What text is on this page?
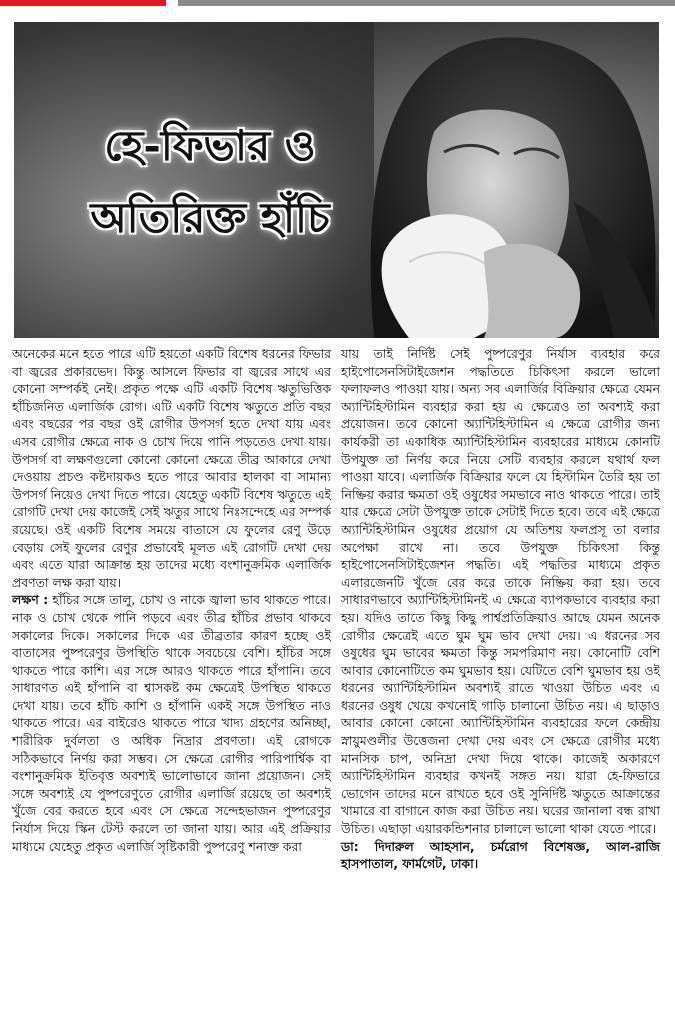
হে-ফিভার ও
অতিরিক্ত হাঁচি

অনেকের মনে হতে পারে এটি হয়তো একটি বিশেষ ধরনের ফিভার বা জ্বরের প্রকারভেদ। কিন্তু আসলে ফিভার বা জ্বরের সাথে এর কোনো সম্পর্কই নেই। প্রকৃত পক্ষে এটি একটি বিশেষ ঋতুভিত্তিক হাঁচিজনিত এলার্জিক রোগ। এটি একটি বিশেষ ঋতুতে প্রতি বছর এবং বছরের পর বছর ওই রোগীর উপসর্গ হতে দেখা যায় এবং এসব রোগীর ক্ষেত্রে নাক ও চোখ দিয়ে পানি পড়তেও দেখা যায়। উপসর্গ বা লক্ষণগুলো কোনো কোনো ক্ষেত্রে তীব্র আকারে দেখা দেওয়ায় প্রচণ্ড কষ্টদায়কও হতে পারে আবার হালকা বা সামান্য উপসর্গ নিয়েও দেখা দিতে পারে। যেহেতু একটি বিশেষ ঋতুতে এই রোগটি দেখা দেয় কাজেই সেই ঋতুর সাথে নিঃসন্দেহে এর সম্পর্ক রয়েছে। ওই একটি বিশেষ সময়ে বাতাসে যে ফুলের রেণু উড়ে বেড়ায় সেই ফুলের রেণুর প্রভাবেই মূলত এই রোগটি দেখা দেয় এবং এতে যারা আক্রান্ত হয় তাদের মধ্যে বংশানুক্রমিক এলার্জিক প্রবণতা লক্ষ করা যায়।

লক্ষণ : হাঁচির সঙ্গে তালু, চোখ ও নাকে জ্বালা ভাব থাকতে পারে। নাক ও চোখ থেকে পানি পড়বে এবং তীব্র হাঁচির প্রভাব থাকবে সকালের দিকে। সকালের দিকে এর তীব্রতার কারণ হচ্ছে ওই বাতাসের পুষ্পরেণুর উপস্থিতি থাকে সবচেয়ে বেশি। হাঁচির সঙ্গে থাকতে পারে কাশি। এর সঙ্গে আরও থাকতে পারে হাঁপানি। তবে সাধারণত এই হাঁপানি বা শ্বাসকষ্ট কম ক্ষেত্রেই উপস্থিত থাকতে দেখা যায়। তবে হাঁচি কাশি ও হাঁপানি একই সঙ্গে উপস্থিত নাও থাকতে পারে। এর বাইরেও থাকতে পারে খাদ্য গ্রহণের অনিচ্ছা, শারীরিক দুর্বলতা ও অধিক নিদ্রার প্রবণতা। এই রোগকে সঠিকভাবে নির্ণয় করা সম্ভব। সে ক্ষেত্রে রোগীর পারিপার্শ্বিক বা বংশানুক্রমিক ইতিবৃত্ত অবশ্যই ভালোভাবে জানা প্রয়োজন। সেই সঙ্গে অবশ্যই যে পুষ্পরেণুতে রোগীর এলার্জি রয়েছে তা অবশ্যই খুঁজে বের করতে হবে এবং সে ক্ষেত্রে সন্দেহভাজন পুষ্পরেণুর নির্যাস দিয়ে স্কিন টেস্ট করলে তা জানা যায়। আর এই প্রক্রিয়ার মাধ্যমে যেহেতু প্রকৃত এলার্জি সৃষ্টিকারী পুষ্পরেণু শনাক্ত করা

যায় তাই নির্দিষ্ট সেই পুষ্পরেণুর নির্যাস ব্যবহার করে হাইপোসেনসিটাইজেশন পদ্ধতিতে চিকিৎসা করলে ভালো ফলাফলও পাওয়া যায়। অন্য সব এলার্জির বিক্রিয়ার ক্ষেত্রে যেমন অ্যান্টিহিস্টামিন ব্যবহার করা হয় এ ক্ষেত্রেও তা অবশ্যই করা প্রয়োজন। তবে কোনো অ্যান্টিহিস্টামিন এ ক্ষেত্রে রোগীর জন্য কার্যকরী তা একাধিক অ্যান্টিহিস্টামিন ব্যবহারের মাধ্যমে কোনটি উপযুক্ত তা নির্ণয় করে নিয়ে সেটি ব্যবহার করলে যথার্থ ফল পাওয়া যাবে। এলার্জিক বিক্রিয়ার ফলে যে হিস্টামিন তৈরি হয় তা নিষ্ক্রিয় করার ক্ষমতা ওই ওষুধের সমভাবে নাও থাকতে পারে। তাই যার ক্ষেত্রে সেটা উপযুক্ত তাকে সেটাই দিতে হবে। তবে এই ক্ষেত্রে অ্যান্টিহিস্টামিন ওষুধের প্রয়োগ যে অতিশয় ফলপ্রসূ তা বলার অপেক্ষা রাখে না। তবে উপযুক্ত চিকিৎসা কিন্তু হাইপোসেনসিটাইজেশন পদ্ধতি। এই পদ্ধতির মাধ্যমে প্রকৃত এলারজেনটি খুঁজে বের করে তাকে নিষ্ক্রিয় করা হয়। তবে সাধারণভাবে অ্যান্টিহিস্টামিনই এ ক্ষেত্রে ব্যাপকভাবে ব্যবহার করা হয়। যদিও তাতে কিছু কিছু পার্শ্বপ্রতিক্রিয়াও আছে যেমন অনেক রোগীর ক্ষেত্রেই এতে ঘুম ঘুম ভাব দেখা দেয়। এ ধরনের সব ওষুধের ঘুম ভাবের ক্ষমতা কিন্তু সমপরিমাণ নয়। কোনোটি বেশি আবার কোনোটিতে কম ঘুমভাব হয়। যেটিতে বেশি ঘুমভাব হয় ওই ধরনের অ্যান্টিহিস্টামিন অবশ্যই রাতে খাওয়া উচিত এবং এ ধরনের ওষুধ খেয়ে কখনোই গাড়ি চালানো উচিত নয়। এ ছাড়াও আবার কোনো কোনো অ্যান্টিহিস্টামিন ব্যবহারের ফলে কেন্দ্রীয় স্নায়ুমণ্ডলীর উত্তেজনা দেখা দেয় এবং সে ক্ষেত্রে রোগীর মধ্যে মানসিক চাপ, অনিদ্রা দেখা দিয়ে থাকে। কাজেই অকারণে অ্যান্টিহিস্টামিন ব্যবহার কখনই সঙ্গত নয়। যারা হে-ফিভারে ভোগেন তাদের মনে রাখতে হবে ওই সুনির্দিষ্ট ঋতুতে আক্রান্তের খামারে বা বাগানে কাজ করা উচিত নয়। ঘরের জানালা বন্ধ রাখা উচিত। এছাড়া এয়ারকন্ডিশনার চালালে ভালো থাকা যেতে পারে।

ডা: দিদারুল আহসান, চর্মরোগ বিশেষজ্ঞ, আল-রাজি হাসপাতাল, ফার্মগেট, ঢাকা।
